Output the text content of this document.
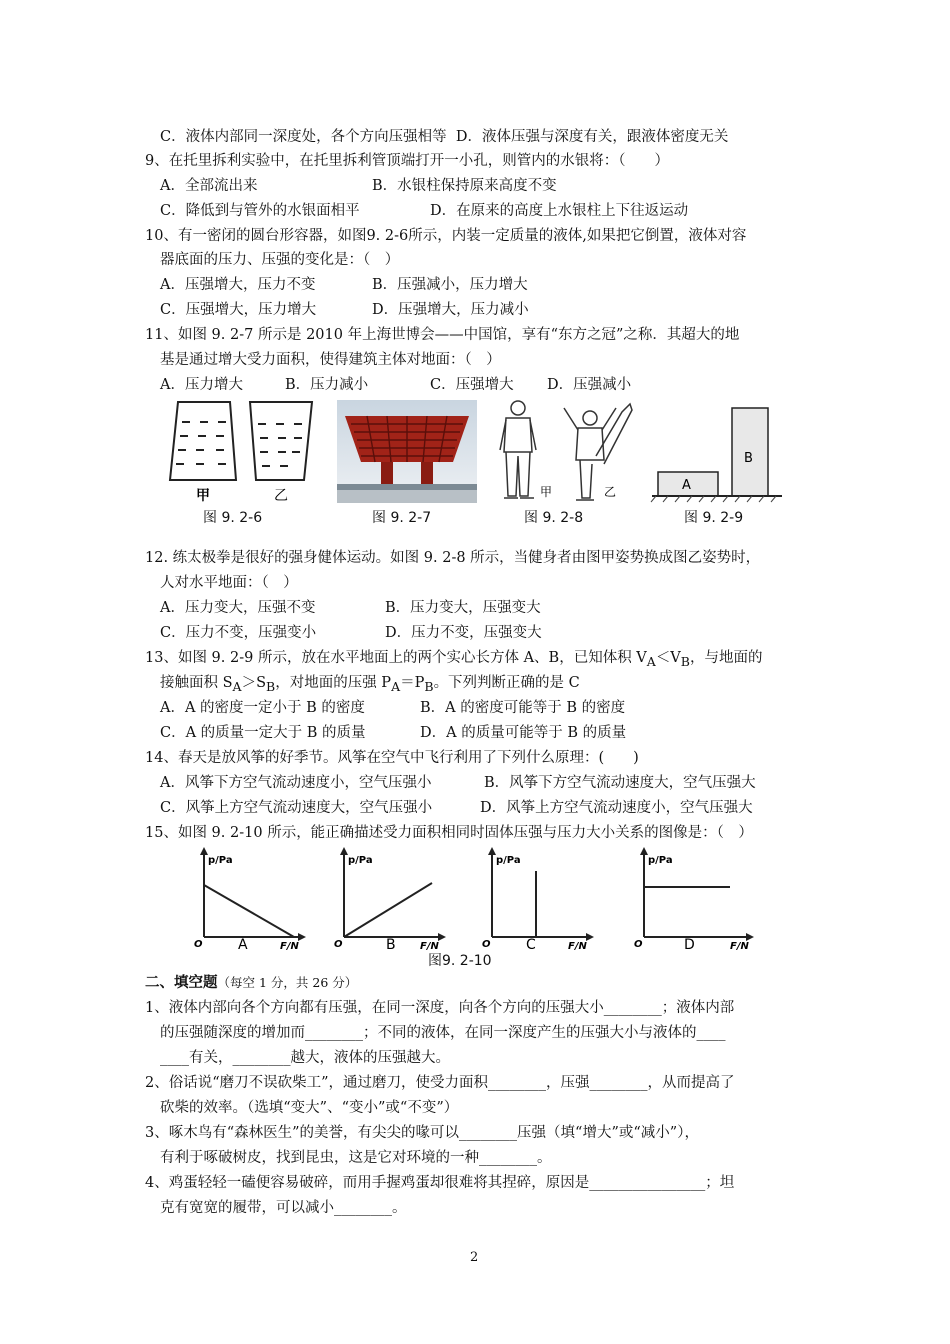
C．液体内部同一深度处，各个方向压强相等 D．液体压强与深度有关，跟液体密度无关
9、在托里拆利实验中，在托里拆利管顶端打开一小孔，则管内的水银将：（　　）
A．全部流出来	B．水银柱保持原来高度不变
C．降低到与管外的水银面相平	D．在原来的高度上水银柱上下往返运动
10、有一密闭的圆台形容器，如图9. 2-6所示，内装一定质量的液体,如果把它倒置，液体对容
器底面的压力、压强的变化是：（　）
A．压强增大，压力不变	B．压强减小，压力增大
C．压强增大，压力增大	D．压强增大，压力减小
11、如图 9. 2-7 所示是 2010 年上海世博会——中国馆，享有“东方之冠”之称．其超大的地
基是通过增大受力面积，使得建筑主体对地面：（　）
A．压力增大	B．压力减小	C．压强增大 D．压强减小
甲	乙
图 9. 2-6	图 9. 2-7
甲	乙
图 9. 2-8
A
B
图 9. 2-9
12. 练太极拳是很好的强身健体运动。如图 9. 2-8 所示，当健身者由图甲姿势换成图乙姿势时，
人对水平地面：（　）
A．压力变大，压强不变	B．压力变大，压强变大
C．压力不变，压强变小	D．压力不变，压强变大
13、如图 9. 2-9 所示，放在水平地面上的两个实心长方体 A、B，已知体积 $V_A<V_B$，与地面的
接触面积 $S_A>S_B$，对地面的压强 $P_A=P_B$。下列判断正确的是 C
A．A 的密度一定小于 B 的密度	B．A 的密度可能等于 B 的密度
C．A 的质量一定大于 B 的质量	D．A 的质量可能等于 B 的质量
14、春天是放风筝的好季节。风筝在空气中飞行利用了下列什么原理：(　　)
A．风筝下方空气流动速度小，空气压强小	B．风筝下方空气流动速度大，空气压强大
C．风筝上方空气流动速度大，空气压强小	D．风筝上方空气流动速度小，空气压强大
15、如图 9. 2-10 所示，能正确描述受力面积相同时固体压强与压力大小关系的图像是：（　）
p/Pa
F/N
O	A
p/Pa
F/N
O	B
p/Pa
F/N
O	C
p/Pa
F/N
O	D
图9. 2-10
二、填空题（每空 1 分，共 26 分）
1、液体内部向各个方向都有压强，在同一深度，向各个方向的压强大小________；液体内部
的压强随深度的增加而________；不同的液体，在同一深度产生的压强大小与液体的____
____有关，________越大，液体的压强越大。
2、俗话说“磨刀不误砍柴工”，通过磨刀，使受力面积________，压强________，从而提高了
砍柴的效率。（选填“变大”、“变小”或“不变”）
3、啄木鸟有“森林医生”的美誉，有尖尖的喙可以________压强（填“增大”或“减小”），
有利于啄破树皮，找到昆虫，这是它对环境的一种________。
4、鸡蛋轻轻一磕便容易破碎，而用手握鸡蛋却很难将其捏碎，原因是________________；坦
克有宽宽的履带，可以减小________。
2
